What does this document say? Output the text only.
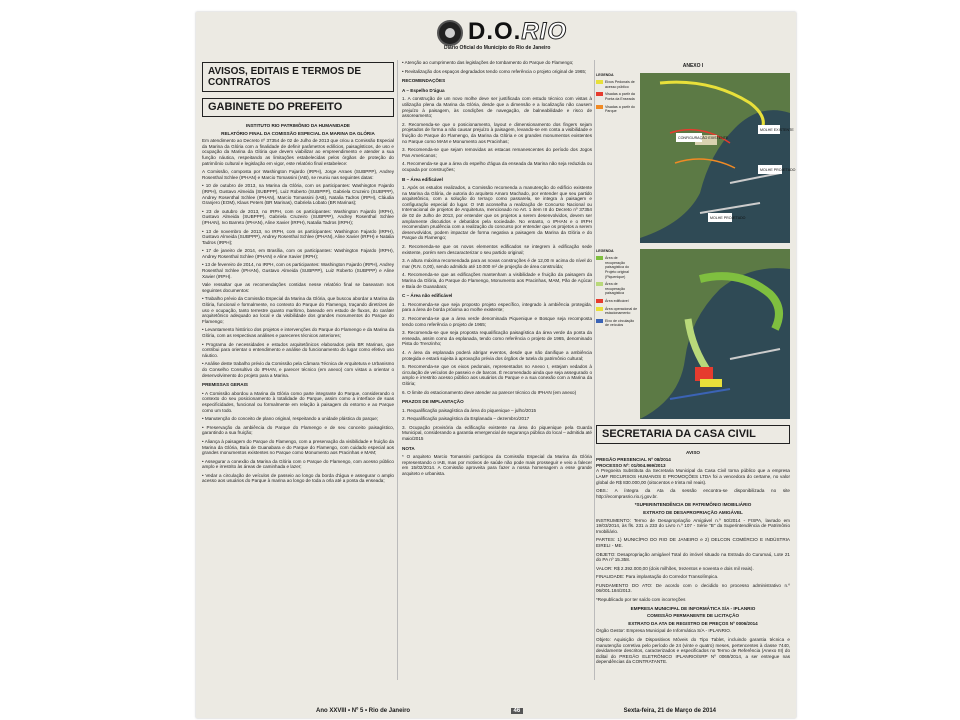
D.O.RIO
Diário Oficial do Município do Rio de Janeiro
AVISOS, EDITAIS E TERMOS DE CONTRATOS
GABINETE DO PREFEITO
INSTITUTO RIO PATRIMÔNIO DA HUMANIDADE
RELATÓRIO FINAL DA COMISSÃO ESPECIAL DA MARINA DA GLÓRIA

Em atendimento ao Decreto nº 37354 de 02 de Julho de 2013 que criou a Comissão Especial da Marina da Glória com a finalidade de definir parâmetros edilícios, paisagísticos, de uso e ocupação da Marina da Glória que devem viabilizar ao empreendimento e atender a sua função náutica, respeitando as limitações estabelecidas pelos órgãos de proteção do patrimônio cultural e legislação em vigor, este relatório final estabelece:

A Comissão, composta por Washington Fajardo (IRPH), Jorge Arraes (SUBPPP), Andrey Rosenthal Schlee (IPHAN) e Marcio Tomassini (IAB), se reuniu nas seguintes datas:

• 10 de outubro de 2013, na Marina da Glória, com os participantes: Washington Fajardo (IRPH), Gustavo Almeida (SUBPPP), Luiz Roberto (SUBPPP), Gabriela Cruzeiro (SUBPPP), Andrey Rosenthal Schlee (IPHAN), Marcio Tomassini (IAB), Natalia Tadros (IRPH), Cláudia Granjero (EOM), Klaus Peters (BR Marinas), Gabriela Lobato (BR Marinas);

• 23 de outubro de 2013, no IRPH, com os participantes: Washington Fajardo (IRPH), Gustavo Almeida (SUBPPP), Gabriela Cruzeiro (SUBPPP), Andrey Rosenthal Schlee (IPHAN), Ivo Barreto (IPHAN), Aline Xavier (IRPH), Natalia Tadros (IRPH);

• 13 de novembro de 2013, no IRPH, com os participantes: Washington Fajardo (IRPH), Gustavo Almeida (SUBPPP), Andrey Rosenthal Schlee (IPHAN), Aline Xavier (IRPH) e Natalia Tadros (IRPH);

• 17 de janeiro de 2014, em Brasília, com os participantes: Washington Fajardo (IRPH), Andrey Rosenthal Schlee (IPHAN) e Aline Xavier (IRPH);

• 13 de fevereiro de 2014, no IRPH, com os participantes: Washington Fajardo (IRPH), Andrey Rosenthal Schlee (IPHAN), Gustavo Almeida (SUBPPP), Luiz Roberto (SUBPPP) e Aline Xavier (IRPH).

Vale ressaltar que as recomendações contidas nesse relatório final se basearam nos seguintes documentos:

• Trabalho prévio da Comissão Especial da Marina da Glória, que buscou abordar a Marina da Glória, funcional e formalmente, no contexto do Parque do Flamengo, traçando diretrizes de uso e ocupação, tanto terrestre quanto marítimo, baseado em estudo de fluxos, do caráter arquitetônico adequado ao local e da visibilidade dos grandes monumentos do Parque do Flamengo;

• Levantamento histórico dos projetos e intervenções do Parque do Flamengo e da Marina da Glória, com as respectivas análises e pareceres técnicos anteriores;

• Programa de necessidades e estudos arquitetônicos elaborados pela BR Marinas, que contribui para orientar o entendimento e análise do funcionamento do lugar como efetivo uso náutico.

• Análise deste trabalho prévio da Comissão pela Câmara Técnica de Arquitetura e Urbanismo do Conselho Consultivo do IPHAN, e parecer técnico (em anexo) com vistas a orientar o desenvolvimento do projeto para a Marina.

PREMISSAS GERAIS

• A Comissão abordou a Marina da Glória como parte integrante do Parque, considerando o contexto do seu posicionamento à totalidade do Parque, assim como a interface de suas especificidades, funcional ou formalmente em relação à paisagem do entorno e ao Parque como um todo.

• Manutenção do conceito de plano original, respeitando a unidade plástica do parque;

• Preservação da ambiência do Parque do Flamengo e de seu conceito paisagístico, garantindo a sua fruição;

• Aliança à paisagem do Parque do Flamengo, com a preservação da visibilidade e fruição da Marina da Glória, Baía de Guanabara e do Parque do Flamengo, com cuidado especial aos grandes monumentos existentes no Parque como Monumento aos Pracinhas e MAM;

• Assegurar a conexão da Marina da Glória com o Parque do Flamengo, com acesso público amplo e irrestrito às áreas de caminhada e lazer;

• Vedar a circulação de veículos de passeio ao longo da borda d'água e assegurar o amplo acesso aos usuários do Parque à marina ao longo de toda a orla até a ponta da enseada;

• Atenção ao cumprimento das legislações de tombamento do Parque do Flamengo;

• Revitalização dos espaços degradados tendo como referência o projeto original de 1965;

RECOMENDAÇÕES
A – Espelho D'água

1. A construção de um novo molhe deve ser justificada com estudo técnico com vistas à utilização plena da Marina da Glória, desde que a dimensão e a localização não causem prejuízo à paisagem, às condições de navegação, de balneabilidade e risco de assoreamento;

2. Recomenda-se que o posicionamento, layout e dimensionamento dos fingers sejam projetados de forma a não causar prejuízo à paisagem, levando-se em conta a visibilidade e fruição do Parque do Flamengo, da Marina da Glória e os grandes monumentos existentes no Parque como MAM e Monumento aos Pracinhas;

3. Recomenda-se que sejam removidas as estacas remanescentes do período dos Jogos Pan Americanos;

4. Recomenda-se que a área do espelho d'água da enseada da Marina não seja reduzida ou ocupada por construções;

B – Área edificável

1. Após os estudos realizados, a Comissão recomenda a manutenção do edifício existente na Marina da Glória, de autoria do arquiteto Amaro Machado, por entender que seu partido arquitetônico, com a solução do terraço como passarela, se integra à paisagem e configuração especial do lugar. O IAB aconselha a realização de Concurso Nacional ou Internacional de projetos de Arquitetura, mencionado no Art. 1 item III do Decreto nº 37354 de 02 de Julho de 2013, por entender que os projetos a serem desenvolvidos, devem ser amplamente discutidos e debatidos pela sociedade. No entanto, o IPHAN e o IRPH recomendam prudência com a realização do concurso por entender que os projetos a serem desenvolvidos, podem impactar de forma negativa a paisagem da Marina da Glória e do Parque do Flamengo;

2. Recomenda-se que os novos elementos edificados se integrem à edificação sede existente, porém sem descaracterizar o seu partido original;

3. A altura máxima recomendada para as novas construções é de 12,00 m acima do nível do mar (R.N. 0,00), sendo admitido até 10.000 m² de projeção de área construída;

4. Recomenda-se que as edificações mantenham a visibilidade e fruição da paisagem da Marina da Glória, do Parque do Flamengo, Monumento aos Pracinhas, MAM, Pão de Açúcar e Baía de Guanabara;

C – Área não edificável

1. Recomenda-se que seja proposto projeto específico, integrado à ambiência protegida, para a área de borda próxima ao molhe existente;

2. Recomenda-se que a área verde denominada Piquenique e Bosque seja recomposta tendo como referência o projeto de 1965;

3. Recomenda-se que seja proposta requalificação paisagística da área verde da ponta da enseada, assim como da esplanada, tendo como referência o projeto de 1965, denominado Pista do Trenzinho;

4. A área da esplanada poderá abrigar eventos, desde que não danifique a ambiência protegida e estará sujeita à aprovação prévia dos órgãos de tutela do patrimônio cultural;

5. Recomenda-se que os eixos pedonais, representados no Anexo I, estejam vedados à circulação de veículos de passeio e de barcos. É recomendado ainda que seja assegurado o amplo e irrestrito acesso público aos usuários do Parque e a sua conexão com a Marina da Glória;

6. O limite do estacionamento deve atender ao parecer técnico do IPHAN (em anexo)

PRAZOS DE IMPLANTAÇÃO

1. Requalificação paisagística da área do piquenique – julho/2015

2. Requalificação paisagística da Esplanada – dezembro/2017

3. Ocupação provisória da edificação existente na área do piquenique pela Guarda Municipal, considerando a garantia emergencial de segurança pública do local – admitida até maio/2015

NOTA

* O arquiteto Marcio Tomassini participou da Comissão Especial da Marina da Glória representando o IAB, mas por motivos de saúde não pode mais prosseguir e veio a falecer em 15/02/2014. A Comissão aproveita para fazer a nossa homenagem a esse grande arquiteto e urbanista.

ANEXO I
LEGENDA
Eixos Pedonais de acesso público
Visadas a partir da Ponta da Enseada
Visadas a partir do Parque
CONFIGURAÇÃO EXISTENTE
MOLHE EXISTENTE
MOLHE PROJETADO
MOLHE PROJETADO
LEGENDA
Área de recuperação paisagística do Projeto original (Piquenique)
Área de recuperação paisagística
Área edificável
Área operacional de estacionamento
Eixo de circulação de veículos
SECRETARIA DA CASA CIVIL
AVISO
PREGÃO PRESENCIAL Nº 08/2014
PROCESSO Nº: 01/004.969/2013

A Pregoeira Substituta da Secretaria Municipal da Casa Civil torna público que a empresa LAMF RECURSOS HUMANOS E PROMOÇÕES LTDA foi a vencedora do certame, no valor global de R$ 830.000,00 (oitocentos e trinta mil reais).

OBS.: A íntegra da Ata da sessão encontra-se disponibilizada no site http://ecomprasrio.rio.rj.gov.br.

*SUPERINTENDÊNCIA DE PATRIMÔNIO IMOBILIÁRIO
EXTRATO DE DESAPROPRIAÇÃO AMIGÁVEL

INSTRUMENTO: Termo de Desapropriação Amigável n.º 50/2014 - FISPA, lavrado em 19/03/2014, às fls. 231 a 233 do Livro n.º 107 - Série "B" da Superintendência de Patrimônio Imobiliário.

PARTES: 1) MUNICÍPIO DO RIO DE JANEIRO e 2) DELCON COMÉRCIO E INDÚSTRIA EIRELI - ME.

OBJETO: Desapropriação amigável Total do imóvel situado na Estrada do Curumaú, Lote 21 do PA nº 15.358.

VALOR: R$ 2.392.000,00 (dois milhões, trezentos e noventa e dois mil reais).

FINALIDADE: Para implantação do Corredor Transolímpica.

FUNDAMENTO DO ATO: De acordo com o decidido no processo administrativo n.º 06/001.184/2013.

*Republicado por ter saído com incorreções

EMPRESA MUNICIPAL DE INFORMÁTICA S/A - IPLANRIO
COMISSÃO PERMANENTE DE LICITAÇÃO
EXTRATO DA ATA DE REGISTRO DE PREÇOS Nº 0006/2014

Órgão Gestor: Empresa Municipal de Informática S/A - IPLANRIO.

Objeto: Aquisição de Dispositivos Móveis do Tipo Tablet, incluindo garantia técnica e manutenção corretiva pelo período de 24 (vinte e quatro) meses, pertencentes à classe 7440, devidamente descritos, caracterizados e especificados no Termo de Referência (Anexo III) do Edital do PREGÃO ELETRÔNICO IPLANRIO/SRP Nº 0069/2014, a ser entregue nas dependências da CONTRATANTE.

Ano XXVIII • Nº 5 • Rio de Janeiro	46	Sexta-feira, 21 de Março de 2014
